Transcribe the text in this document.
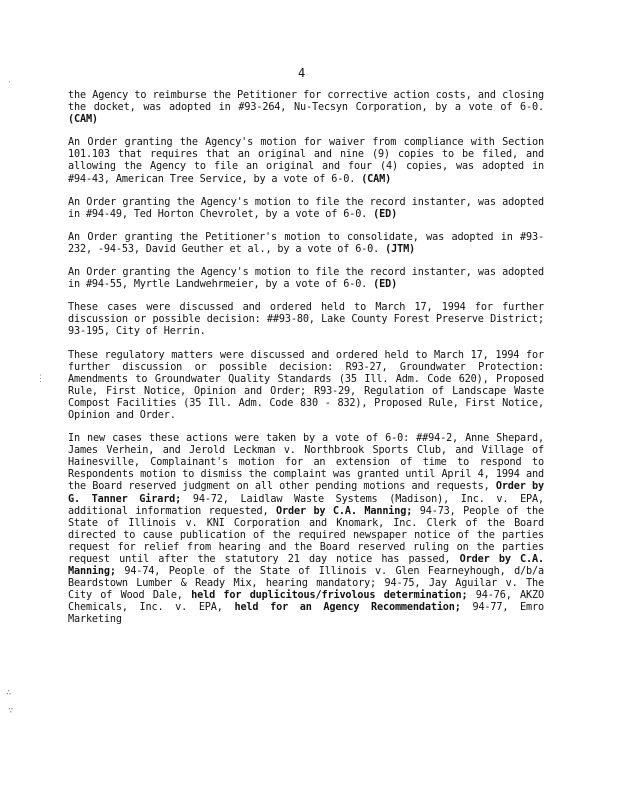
4

the Agency to reimburse the Petitioner for corrective action costs, and closing the docket, was adopted in #93-264, Nu-Tecsyn Corporation, by a vote of 6-0. (CAM)

An Order granting the Agency's motion for waiver from compliance with Section 101.103 that requires that an original and nine (9) copies to be filed, and allowing the Agency to file an original and four (4) copies, was adopted in #94-43, American Tree Service, by a vote of 6-0. (CAM)

An Order granting the Agency's motion to file the record instanter, was adopted in #94-49, Ted Horton Chevrolet, by a vote of 6-0. (ED)

An Order granting the Petitioner's motion to consolidate, was adopted in #93-232, -94-53, David Geuther et al., by a vote of 6-0. (JTM)

An Order granting the Agency's motion to file the record instanter, was adopted in #94-55, Myrtle Landwehrmeier, by a vote of 6-0. (ED)

These cases were discussed and ordered held to March 17, 1994 for further discussion or possible decision: ##93-80, Lake County Forest Preserve District; 93-195, City of Herrin.

These regulatory matters were discussed and ordered held to March 17, 1994 for further discussion or possible decision: R93-27, Groundwater Protection: Amendments to Groundwater Quality Standards (35 Ill. Adm. Code 620), Proposed Rule, First Notice, Opinion and Order; R93-29, Regulation of Landscape Waste Compost Facilities (35 Ill. Adm. Code 830 - 832), Proposed Rule, First Notice, Opinion and Order.

In new cases these actions were taken by a vote of 6-0: ##94-2, Anne Shepard, James Verhein, and Jerold Leckman v. Northbrook Sports Club, and Village of Hainesville, Complainant's motion for an extension of time to respond to Respondents motion to dismiss the complaint was granted until April 4, 1994 and the Board reserved judgment on all other pending motions and requests, Order by G. Tanner Girard; 94-72, Laidlaw Waste Systems (Madison), Inc. v. EPA, additional information requested, Order by C.A. Manning; 94-73, People of the State of Illinois v. KNI Corporation and Knomark, Inc. Clerk of the Board directed to cause publication of the required newspaper notice of the parties request for relief from hearing and the Board reserved ruling on the parties request until after the statutory 21 day notice has passed, Order by C.A. Manning; 94-74, People of the State of Illinois v. Glen Fearneyhough, d/b/a Beardstown Lumber & Ready Mix, hearing mandatory; 94-75, Jay Aguilar v. The City of Wood Dale, held for duplicitous/frivolous determination; 94-76, AKZO Chemicals, Inc. v. EPA, held for an Agency Recommendation; 94-77, Emro Marketing

‧
⋮
∴
∵
